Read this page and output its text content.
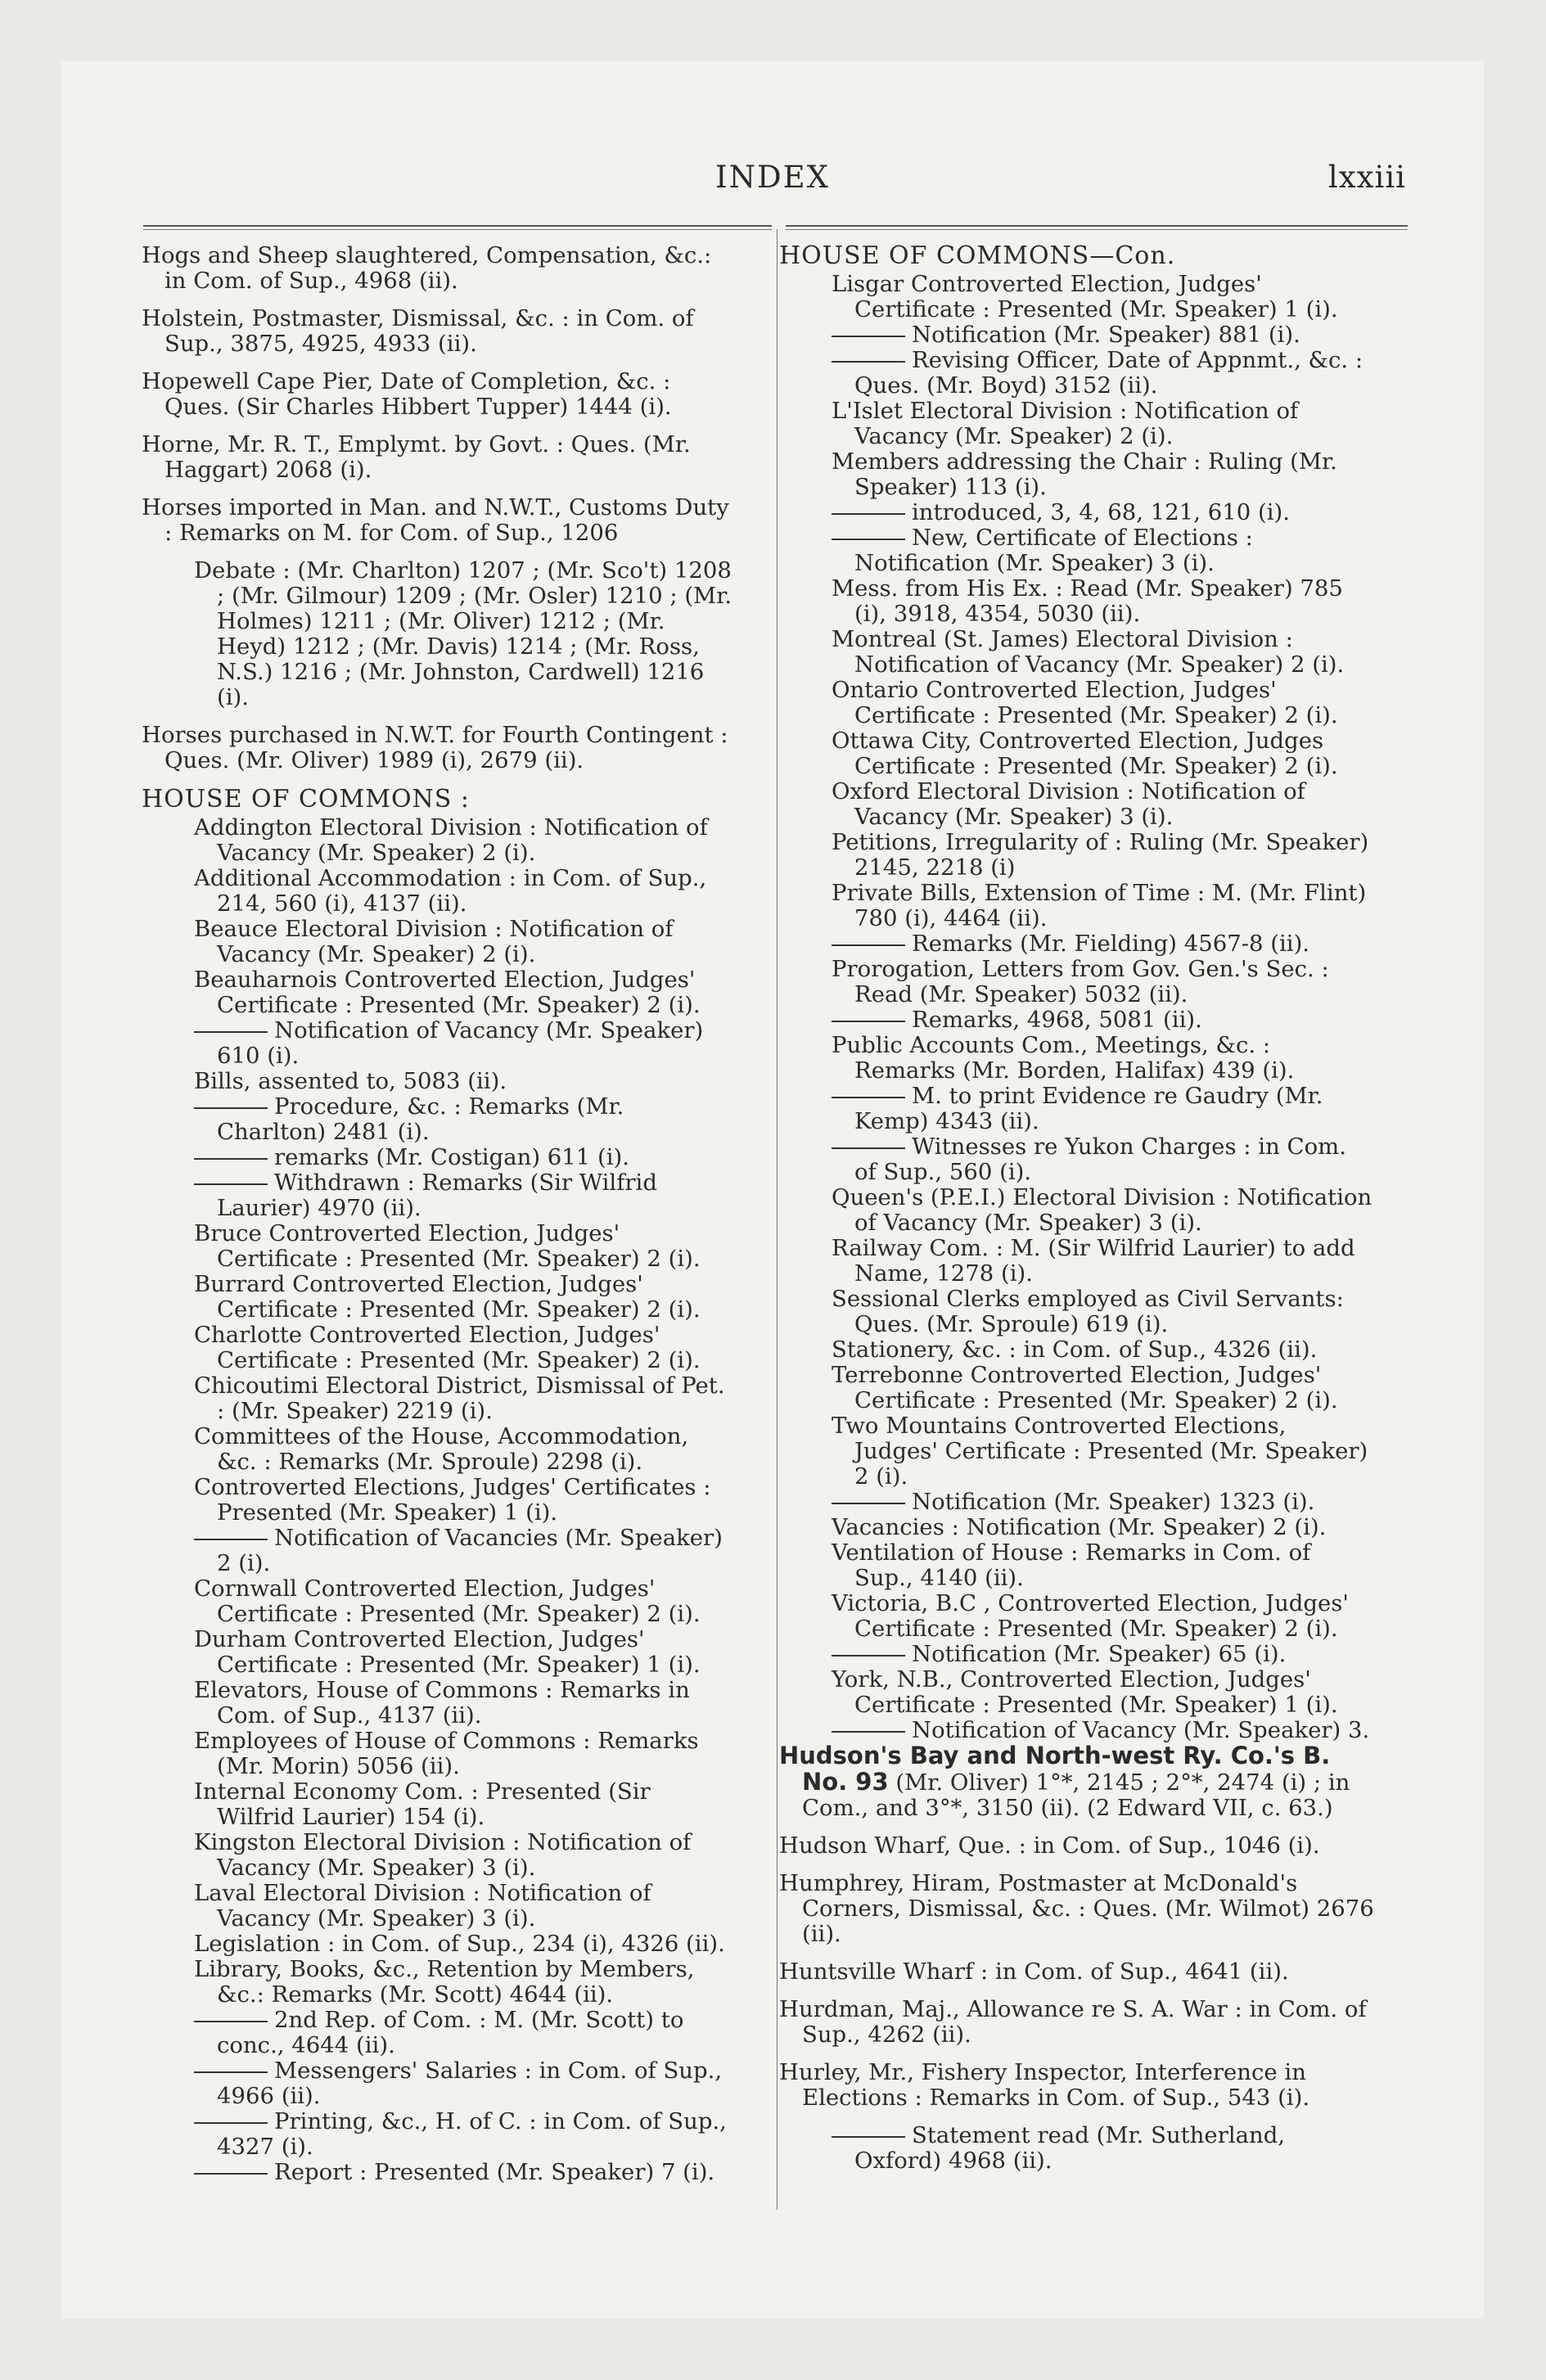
INDEX	lxxiii

Hogs and Sheep slaughtered, Compensation, &c.: in Com. of Sup., 4968 (ii).

Holstein, Postmaster, Dismissal, &c. : in Com. of Sup., 3875, 4925, 4933 (ii).

Hopewell Cape Pier, Date of Completion, &c. : Ques. (Sir Charles Hibbert Tupper) 1444 (i).

Horne, Mr. R. T., Emplymt. by Govt. : Ques. (Mr. Haggart) 2068 (i).

Horses imported in Man. and N.W.T., Customs Duty : Remarks on M. for Com. of Sup., 1206

Debate : (Mr. Charlton) 1207 ; (Mr. Sco't) 1208 ; (Mr. Gilmour) 1209 ; (Mr. Osler) 1210 ; (Mr. Holmes) 1211 ; (Mr. Oliver) 1212 ; (Mr. Heyd) 1212 ; (Mr. Davis) 1214 ; (Mr. Ross, N.S.) 1216 ; (Mr. Johnston, Cardwell) 1216 (i).

Horses purchased in N.W.T. for Fourth Contingent : Ques. (Mr. Oliver) 1989 (i), 2679 (ii).

HOUSE OF COMMONS :

Addington Electoral Division : Notification of Vacancy (Mr. Speaker) 2 (i).

Additional Accommodation : in Com. of Sup., 214, 560 (i), 4137 (ii).

Beauce Electoral Division : Notification of Vacancy (Mr. Speaker) 2 (i).

Beauharnois Controverted Election, Judges' Certificate : Presented (Mr. Speaker) 2 (i).

Notification of Vacancy (Mr. Speaker) 610 (i).

Bills, assented to, 5083 (ii).

Procedure, &c. : Remarks (Mr. Charlton) 2481 (i).

remarks (Mr. Costigan) 611 (i).

Withdrawn : Remarks (Sir Wilfrid Laurier) 4970 (ii).

Bruce Controverted Election, Judges' Certificate : Presented (Mr. Speaker) 2 (i).

Burrard Controverted Election, Judges' Certificate : Presented (Mr. Speaker) 2 (i).

Charlotte Controverted Election, Judges' Certificate : Presented (Mr. Speaker) 2 (i).

Chicoutimi Electoral District, Dismissal of Pet. : (Mr. Speaker) 2219 (i).

Committees of the House, Accommodation, &c. : Remarks (Mr. Sproule) 2298 (i).

Controverted Elections, Judges' Certificates : Presented (Mr. Speaker) 1 (i).

Notification of Vacancies (Mr. Speaker) 2 (i).

Cornwall Controverted Election, Judges' Certificate : Presented (Mr. Speaker) 2 (i).

Durham Controverted Election, Judges' Certificate : Presented (Mr. Speaker) 1 (i).

Elevators, House of Commons : Remarks in Com. of Sup., 4137 (ii).

Employees of House of Commons : Remarks (Mr. Morin) 5056 (ii).

Internal Economy Com. : Presented (Sir Wilfrid Laurier) 154 (i).

Kingston Electoral Division : Notification of Vacancy (Mr. Speaker) 3 (i).

Laval Electoral Division : Notification of Vacancy (Mr. Speaker) 3 (i).

Legislation : in Com. of Sup., 234 (i), 4326 (ii).

Library, Books, &c., Retention by Members, &c.: Remarks (Mr. Scott) 4644 (ii).

2nd Rep. of Com. : M. (Mr. Scott) to conc., 4644 (ii).

Messengers' Salaries : in Com. of Sup., 4966 (ii).

Printing, &c., H. of C. : in Com. of Sup., 4327 (i).

Report : Presented (Mr. Speaker) 7 (i).

HOUSE OF COMMONS—Con.

Lisgar Controverted Election, Judges' Certificate : Presented (Mr. Speaker) 1 (i).

Notification (Mr. Speaker) 881 (i).

Revising Officer, Date of Appnmt., &c. : Ques. (Mr. Boyd) 3152 (ii).

L'Islet Electoral Division : Notification of Vacancy (Mr. Speaker) 2 (i).

Members addressing the Chair : Ruling (Mr. Speaker) 113 (i).

introduced, 3, 4, 68, 121, 610 (i).

New, Certificate of Elections : Notification (Mr. Speaker) 3 (i).

Mess. from His Ex. : Read (Mr. Speaker) 785 (i), 3918, 4354, 5030 (ii).

Montreal (St. James) Electoral Division : Notification of Vacancy (Mr. Speaker) 2 (i).

Ontario Controverted Election, Judges' Certificate : Presented (Mr. Speaker) 2 (i).

Ottawa City, Controverted Election, Judges Certificate : Presented (Mr. Speaker) 2 (i).

Oxford Electoral Division : Notification of Vacancy (Mr. Speaker) 3 (i).

Petitions, Irregularity of : Ruling (Mr. Speaker) 2145, 2218 (i)

Private Bills, Extension of Time : M. (Mr. Flint) 780 (i), 4464 (ii).

Remarks (Mr. Fielding) 4567-8 (ii).

Prorogation, Letters from Gov. Gen.'s Sec. : Read (Mr. Speaker) 5032 (ii).

Remarks, 4968, 5081 (ii).

Public Accounts Com., Meetings, &c. : Remarks (Mr. Borden, Halifax) 439 (i).

M. to print Evidence re Gaudry (Mr. Kemp) 4343 (ii).

Witnesses re Yukon Charges : in Com. of Sup., 560 (i).

Queen's (P.E.I.) Electoral Division : Notification of Vacancy (Mr. Speaker) 3 (i).

Railway Com. : M. (Sir Wilfrid Laurier) to add Name, 1278 (i).

Sessional Clerks employed as Civil Servants: Ques. (Mr. Sproule) 619 (i).

Stationery, &c. : in Com. of Sup., 4326 (ii).

Terrebonne Controverted Election, Judges' Certificate : Presented (Mr. Speaker) 2 (i).

Two Mountains Controverted Elections, Judges' Certificate : Presented (Mr. Speaker) 2 (i).

Notification (Mr. Speaker) 1323 (i).

Vacancies : Notification (Mr. Speaker) 2 (i).

Ventilation of House : Remarks in Com. of Sup., 4140 (ii).

Victoria, B.C , Controverted Election, Judges' Certificate : Presented (Mr. Speaker) 2 (i).

Notification (Mr. Speaker) 65 (i).

York, N.B., Controverted Election, Judges' Certificate : Presented (Mr. Speaker) 1 (i).

Notification of Vacancy (Mr. Speaker) 3.

Hudson's Bay and North-west Ry. Co.'s B. No. 93 (Mr. Oliver) 1°*, 2145 ; 2°*, 2474 (i) ; in Com., and 3°*, 3150 (ii). (2 Edward VII, c. 63.)

Hudson Wharf, Que. : in Com. of Sup., 1046 (i).

Humphrey, Hiram, Postmaster at McDonald's Corners, Dismissal, &c. : Ques. (Mr. Wilmot) 2676 (ii).

Huntsville Wharf : in Com. of Sup., 4641 (ii).

Hurdman, Maj., Allowance re S. A. War : in Com. of Sup., 4262 (ii).

Hurley, Mr., Fishery Inspector, Interference in Elections : Remarks in Com. of Sup., 543 (i).

Statement read (Mr. Sutherland, Oxford) 4968 (ii).
